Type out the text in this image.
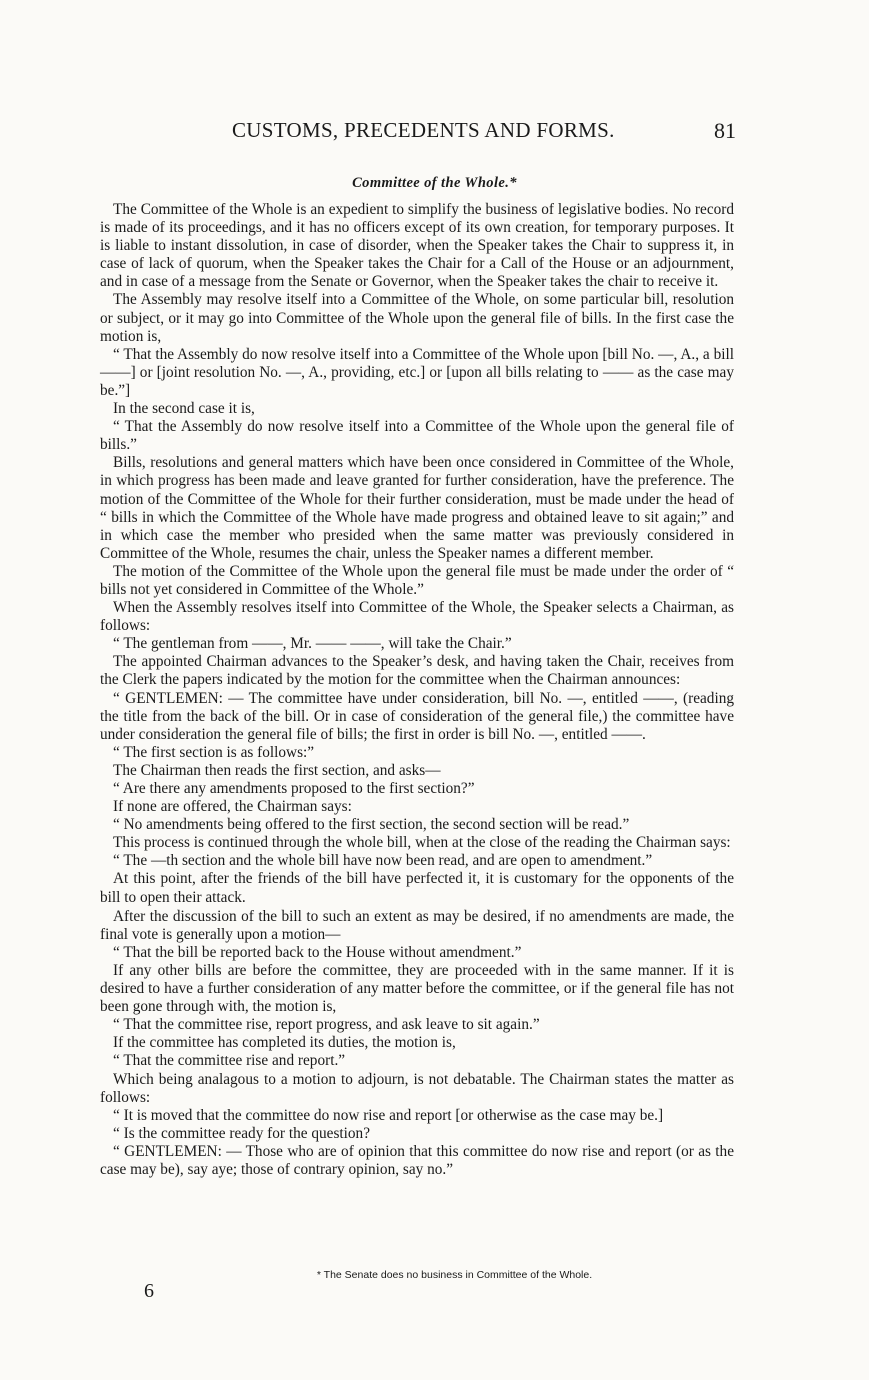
CUSTOMS, PRECEDENTS AND FORMS.	81
Committee of the Whole.*

The Committee of the Whole is an expedient to simplify the business of legislative bodies. No record is made of its proceedings, and it has no officers except of its own creation, for temporary purposes. It is liable to instant dissolution, in case of disorder, when the Speaker takes the Chair to suppress it, in case of lack of quorum, when the Speaker takes the Chair for a Call of the House or an adjournment, and in case of a message from the Senate or Governor, when the Speaker takes the chair to receive it.

The Assembly may resolve itself into a Committee of the Whole, on some particular bill, resolution or subject, or it may go into Committee of the Whole upon the general file of bills. In the first case the motion is,

“ That the Assembly do now resolve itself into a Committee of the Whole upon [bill No. —, A., a bill ——] or [joint resolution No. —, A., providing, etc.] or [upon all bills relating to —— as the case may be.”]

In the second case it is,

“ That the Assembly do now resolve itself into a Committee of the Whole upon the general file of bills.”

Bills, resolutions and general matters which have been once considered in Committee of the Whole, in which progress has been made and leave granted for further consideration, have the preference. The motion of the Committee of the Whole for their further consideration, must be made under the head of “ bills in which the Committee of the Whole have made progress and obtained leave to sit again;” and in which case the member who presided when the same matter was previously considered in Committee of the Whole, resumes the chair, unless the Speaker names a different member.

The motion of the Committee of the Whole upon the general file must be made under the order of “ bills not yet considered in Committee of the Whole.”

When the Assembly resolves itself into Committee of the Whole, the Speaker selects a Chairman, as follows:

“ The gentleman from ——, Mr. —— ——, will take the Chair.”

The appointed Chairman advances to the Speaker’s desk, and having taken the Chair, receives from the Clerk the papers indicated by the motion for the committee when the Chairman announces:

“ GENTLEMEN: — The committee have under consideration, bill No. —, entitled ——, (reading the title from the back of the bill. Or in case of consideration of the general file,) the committee have under consideration the general file of bills; the first in order is bill No. —, entitled ——.

“ The first section is as follows:”

The Chairman then reads the first section, and asks—

“ Are there any amendments proposed to the first section?”

If none are offered, the Chairman says:

“ No amendments being offered to the first section, the second section will be read.”

This process is continued through the whole bill, when at the close of the reading the Chairman says:

“ The —th section and the whole bill have now been read, and are open to amendment.”

At this point, after the friends of the bill have perfected it, it is customary for the opponents of the bill to open their attack.

After the discussion of the bill to such an extent as may be desired, if no amendments are made, the final vote is generally upon a motion—

“ That the bill be reported back to the House without amendment.”

If any other bills are before the committee, they are proceeded with in the same manner. If it is desired to have a further consideration of any matter before the committee, or if the general file has not been gone through with, the motion is,

“ That the committee rise, report progress, and ask leave to sit again.”

If the committee has completed its duties, the motion is,

“ That the committee rise and report.”

Which being analagous to a motion to adjourn, is not debatable. The Chairman states the matter as follows:

“ It is moved that the committee do now rise and report [or otherwise as the case may be.]

“ Is the committee ready for the question?

“ GENTLEMEN: — Those who are of opinion that this committee do now rise and report (or as the case may be), say aye; those of contrary opinion, say no.”

* The Senate does no business in Committee of the Whole.
6
